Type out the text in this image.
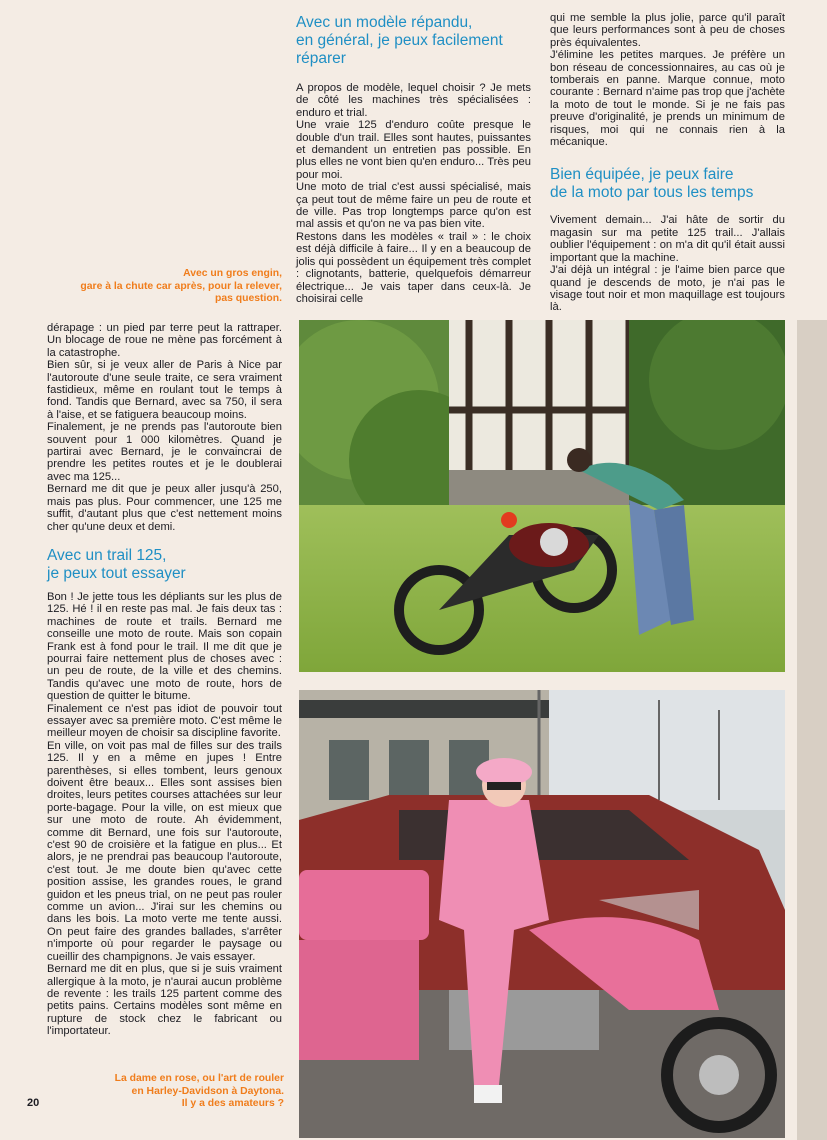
Avec un gros engin,
gare à la chute car après, pour la relever,
pas question.

dérapage : un pied par terre peut la rattraper. Un blocage de roue ne mène pas forcément à la catastrophe.

Bien sûr, si je veux aller de Paris à Nice par l'autoroute d'une seule traite, ce sera vraiment fastidieux, même en roulant tout le temps à fond. Tandis que Bernard, avec sa 750, il sera à l'aise, et se fatiguera beaucoup moins.

Finalement, je ne prends pas l'autoroute bien souvent pour 1 000 kilomètres. Quand je partirai avec Bernard, je le convaincrai de prendre les petites routes et je le doublerai avec ma 125...

Bernard me dit que je peux aller jusqu'à 250, mais pas plus. Pour commencer, une 125 me suffit, d'autant plus que c'est nettement moins cher qu'une deux et demi.

Avec un trail 125,
je peux tout essayer

Bon ! Je jette tous les dépliants sur les plus de 125. Hé ! il en reste pas mal. Je fais deux tas : machines de route et trails. Bernard me conseille une moto de route. Mais son copain Frank est à fond pour le trail. Il me dit que je pourrai faire nettement plus de choses avec : un peu de route, de la ville et des chemins. Tandis qu'avec une moto de route, hors de question de quitter le bitume.

Finalement ce n'est pas idiot de pouvoir tout essayer avec sa première moto. C'est même le meilleur moyen de choisir sa discipline favorite.

En ville, on voit pas mal de filles sur des trails 125. Il y en a même en jupes ! Entre parenthèses, si elles tombent, leurs genoux doivent être beaux... Elles sont assises bien droites, leurs petites courses attachées sur leur porte-bagage. Pour la ville, on est mieux que sur une moto de route. Ah évidemment, comme dit Bernard, une fois sur l'autoroute, c'est 90 de croisière et la fatigue en plus... Et alors, je ne prendrai pas beaucoup l'autoroute, c'est tout. Je me doute bien qu'avec cette position assise, les grandes roues, le grand guidon et les pneus trial, on ne peut pas rouler comme un avion... J'irai sur les chemins ou dans les bois. La moto verte me tente aussi. On peut faire des grandes ballades, s'arrêter n'importe où pour regarder le paysage ou cueillir des champignons. Je vais essayer.

Bernard me dit en plus, que si je suis vraiment allergique à la moto, je n'aurai aucun problème de revente : les trails 125 partent comme des petits pains. Certains modèles sont même en rupture de stock chez le fabricant ou l'importateur.

La dame en rose, ou l'art de rouler
en Harley-Davidson à Daytona.
Il y a des amateurs ?
Avec un modèle répandu,
en général, je peux facilement
réparer

A propos de modèle, lequel choisir ? Je mets de côté les machines très spécialisées : enduro et trial.

Une vraie 125 d'enduro coûte presque le double d'un trail. Elles sont hautes, puissantes et demandent un entretien pas possible. En plus elles ne vont bien qu'en enduro... Très peu pour moi.

Une moto de trial c'est aussi spécialisé, mais ça peut tout de même faire un peu de route et de ville. Pas trop longtemps parce qu'on est mal assis et qu'on ne va pas bien vite.

Restons dans les modèles « trail » : le choix est déjà difficile à faire... Il y en a beaucoup de jolis qui possèdent un équipement très complet : clignotants, batterie, quelquefois démarreur électrique... Je vais taper dans ceux-là. Je choisirai celle

qui me semble la plus jolie, parce qu'il paraît que leurs performances sont à peu de choses près équivalentes.

J'élimine les petites marques. Je préfère un bon réseau de concessionnaires, au cas où je tomberais en panne. Marque connue, moto courante : Bernard n'aime pas trop que j'achète la moto de tout le monde. Si je ne fais pas preuve d'originalité, je prends un minimum de risques, moi qui ne connais rien à la mécanique.

Bien équipée, je peux faire
de la moto par tous les temps

Vivement demain... J'ai hâte de sortir du magasin sur ma petite 125 trail... J'allais oublier l'équipement : on m'a dit qu'il était aussi important que la machine.

J'ai déjà un intégral : je l'aime bien parce que quand je descends de moto, je n'ai pas le visage tout noir et mon maquillage est toujours là.

20
